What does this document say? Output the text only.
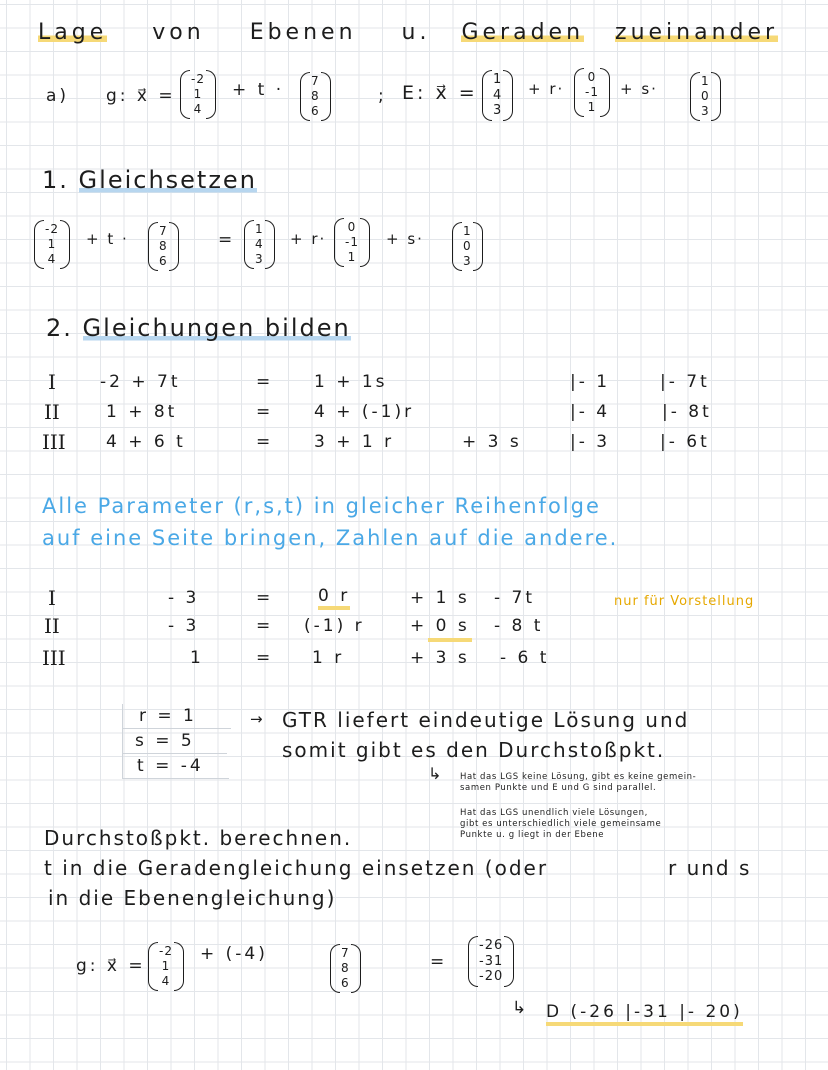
Lage von Ebenen u. Geraden zueinander
a) g: x⃗ =
-2
1
4
+ t · 7
8
6
; E: x⃗ =
1
4
3
+ r·
0
-1
1
+ s·	1
0
3
1. Gleichsetzen
-2
1
4
+ t ·	7
8
6
=
1
4
3
+ r·
0
-1
1
+ s·	1
0
3
2. Gleichungen bilden
I	-2 + 7t	= 1 + 1s	|- 1	|- 7t
II	1 + 8t	= 4 + (-1)r	|- 4	|- 8t
III 4 + 6 t	= 3 + 1 r	+ 3 s	|- 3	|- 6t
Alle Parameter (r,s,t) in gleicher Reihenfolge
auf eine Seite bringen, Zahlen auf die andere.
I	- 3	=	0 r	+ 1 s - 7t	nur für Vorstellung
II	- 3	= (-1) r	+ 0 s - 8 t
III	1	= 1 r	+ 3 s - 6 t
r = 1
s = 5
t = -4
→ GTR liefert eindeutige Lösung und
somit gibt es den Durchstoßpkt.
↳ Hat das LGS keine Lösung, gibt es keine gemein-
samen Punkte und E und G sind parallel.
Hat das LGS unendlich viele Lösungen,
gibt es unterschiedlich viele gemeinsame
Punkte u. g liegt in der Ebene
Durchstoßpkt. berechnen.
t in die Geradengleichung einsetzen (oder	r und s
in die Ebenengleichung)
g: x⃗ =
-2
1
4
+ (-4)	7
8
6
=
-26
-31
-20
↳ D (-26 |-31 |- 20)
